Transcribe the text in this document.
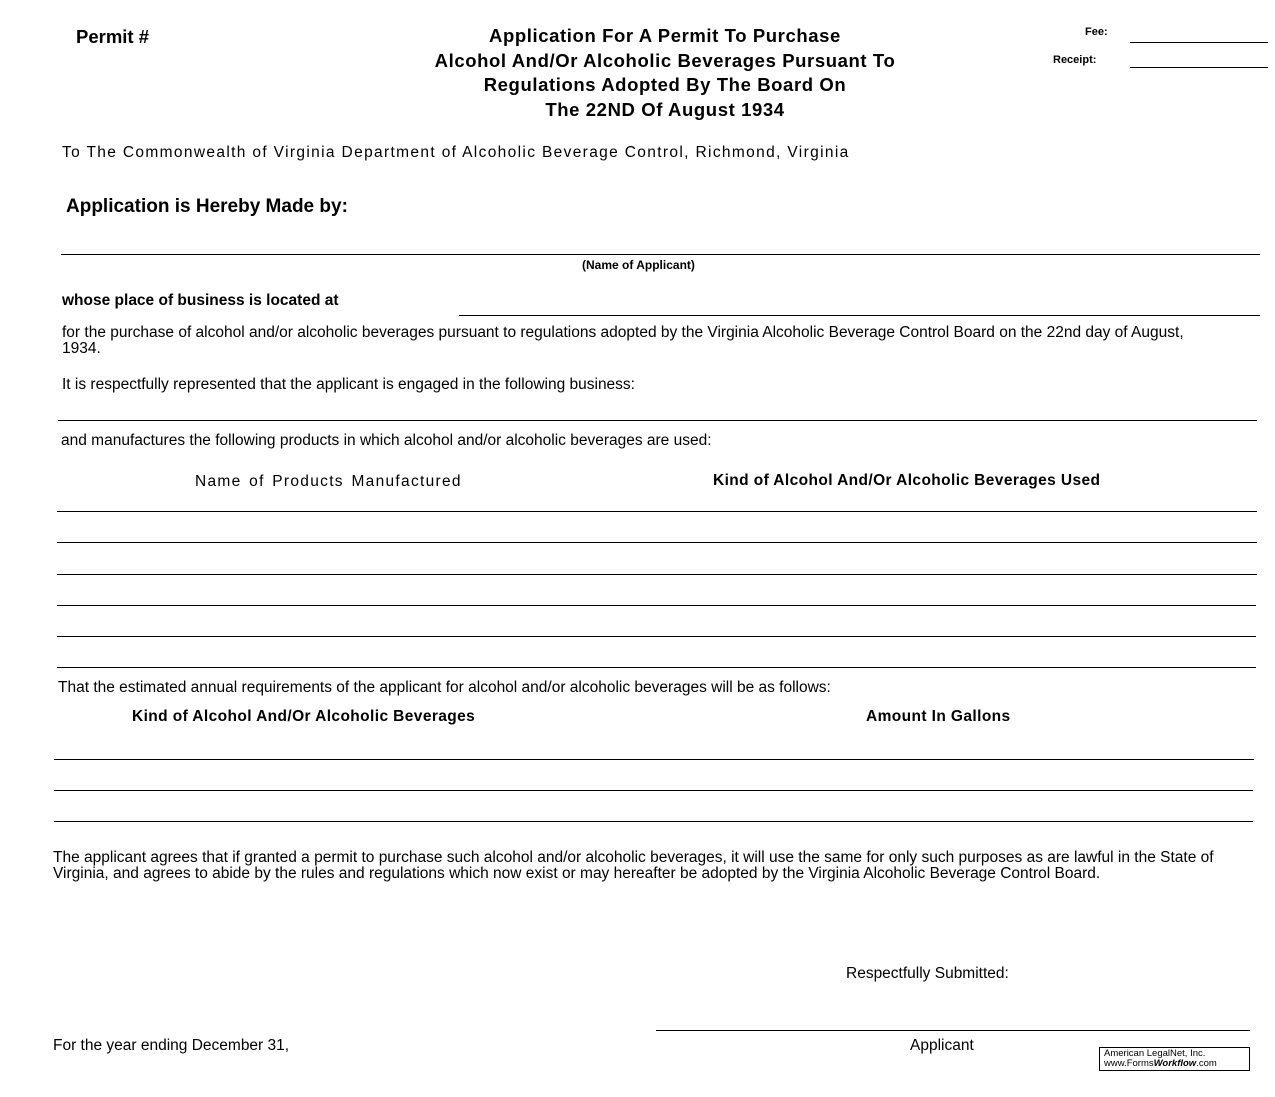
Permit #	Application For A Permit To Purchase
Alcohol And/Or Alcoholic Beverages Pursuant To
Regulations Adopted By The Board On
The 22ND Of August 1934
Fee:
Receipt:
To The Commonwealth of Virginia Department of Alcoholic Beverage Control, Richmond, Virginia
Application is Hereby Made by:
(Name of Applicant)
whose place of business is located at
for the purchase of alcohol and/or alcoholic beverages pursuant to regulations adopted by the Virginia Alcoholic Beverage Control Board on the 22nd day of August, 1934.
It is respectfully represented that the applicant is engaged in the following business:
and manufactures the following products in which alcohol and/or alcoholic beverages are used:
Name of Products Manufactured	Kind of Alcohol And/Or Alcoholic Beverages Used
That the estimated annual requirements of the applicant for alcohol and/or alcoholic beverages will be as follows:
Kind of Alcohol And/Or Alcoholic Beverages	Amount In Gallons
The applicant agrees that if granted a permit to purchase such alcohol and/or alcoholic beverages, it will use the same for only such purposes as are lawful in the State of Virginia, and agrees to abide by the rules and regulations which now exist or may hereafter be adopted by the Virginia Alcoholic Beverage Control Board.
Respectfully Submitted:
Applicant
For the year ending December 31,	American LegalNet, Inc.
www.FormsWorkflow.com
